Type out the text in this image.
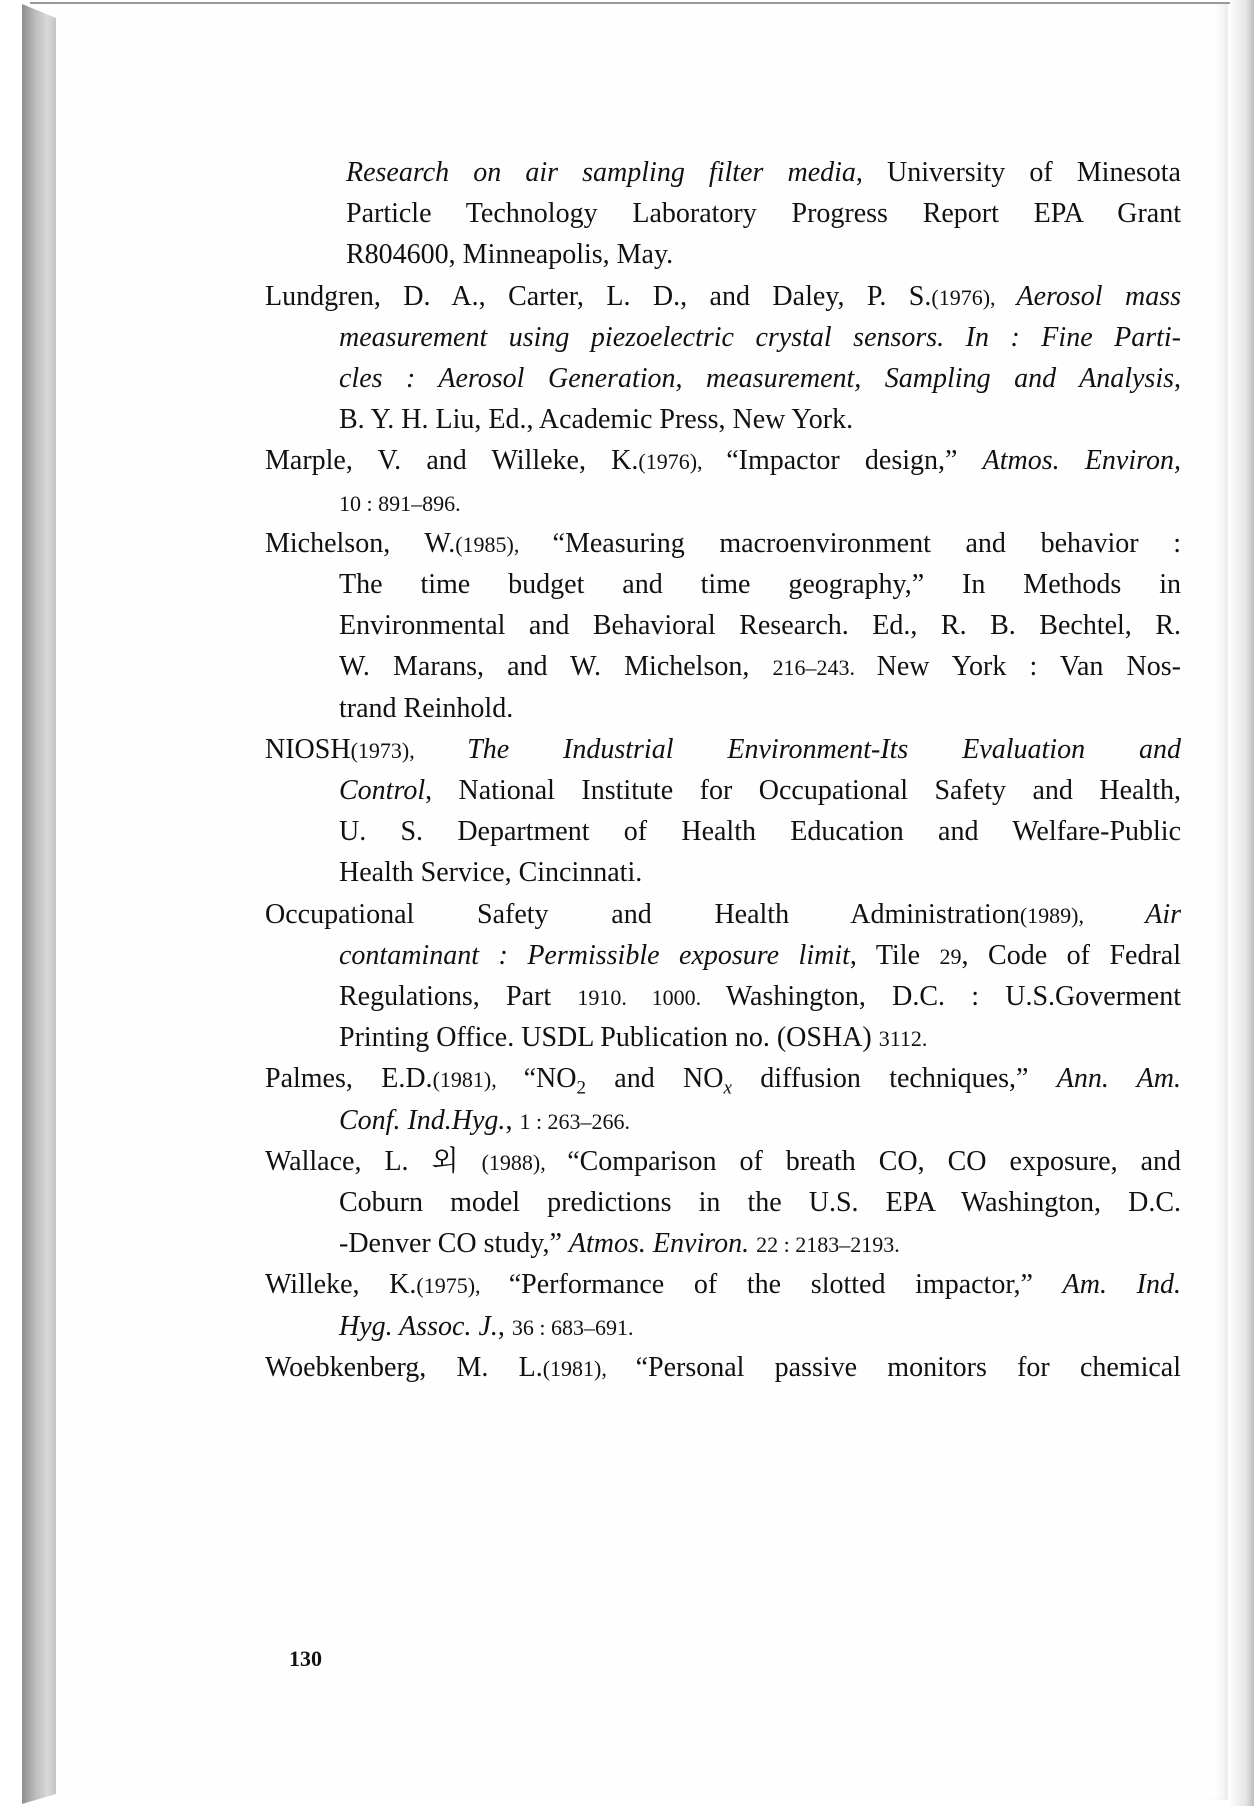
Research on air sampling filter media, University of Minesota
Particle Technology Laboratory Progress Report EPA Grant
R804600, Minneapolis, May.
Lundgren, D. A., Carter, L. D., and Daley, P. S.(1976), Aerosol mass
measurement using piezoelectric crystal sensors. In : Fine Parti-
cles : Aerosol Generation, measurement, Sampling and Analysis,
B. Y. H. Liu, Ed., Academic Press, New York.
Marple, V. and Willeke, K.(1976), “Impactor design,” Atmos. Environ,
10 : 891–896.
Michelson, W.(1985), “Measuring macroenvironment and behavior :
The time budget and time geography,” In Methods in
Environmental and Behavioral Research. Ed., R. B. Bechtel, R.
W. Marans, and W. Michelson, 216–243. New York : Van Nos-
trand Reinhold.
NIOSH(1973), The Industrial Environment-Its Evaluation and
Control, National Institute for Occupational Safety and Health,
U. S. Department of Health Education and Welfare-Public
Health Service, Cincinnati.
Occupational Safety and Health Administration(1989), Air
contaminant : Permissible exposure limit, Tile 29, Code of Fedral
Regulations, Part 1910. 1000. Washington, D.C. : U.S.Goverment
Printing Office. USDL Publication no. (OSHA) 3112.
Palmes, E.D.(1981), “$NO_2$ and $NO_x$ diffusion techniques,” Ann. Am.
Conf. Ind.Hyg., 1 : 263–266.
Wallace, L. 외 (1988), “Comparison of breath CO, CO exposure, and
Coburn model predictions in the U.S. EPA Washington, D.C.
-Denver CO study,” Atmos. Environ. 22 : 2183–2193.
Willeke, K.(1975), “Performance of the slotted impactor,” Am. Ind.
Hyg. Assoc. J., 36 : 683–691.
Woebkenberg, M. L.(1981), “Personal passive monitors for chemical
130
